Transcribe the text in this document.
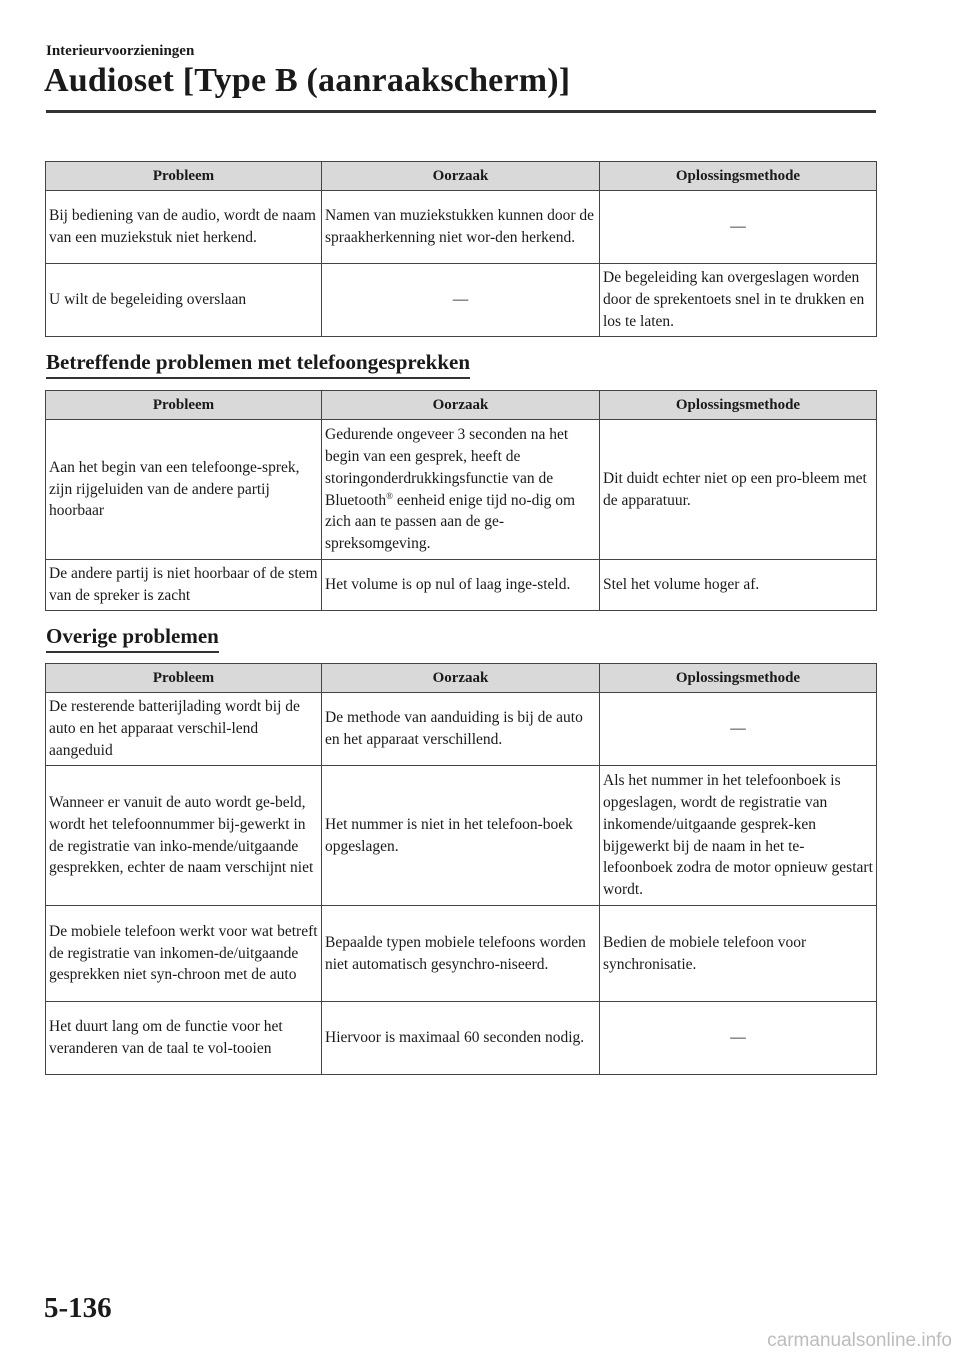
Interieurvoorzieningen
Audioset [Type B (aanraakscherm)]
Probleem	Oorzaak	Oplossingsmethode
Bij bediening van de audio, wordt de naam van een muziekstuk niet herkend.	Namen van muziekstukken kunnen door de spraakherkenning niet wor-den herkend.	—
U wilt de begeleiding overslaan	—	De begeleiding kan overgeslagen worden door de sprekentoets snel in te drukken en los te laten.
Betreffende problemen met telefoongesprekken
Probleem	Oorzaak	Oplossingsmethode
Aan het begin van een telefoonge-sprek, zijn rijgeluiden van de andere partij hoorbaar	Gedurende ongeveer 3 seconden na het begin van een gesprek, heeft de storingonderdrukkingsfunctie van de Bluetooth® eenheid enige tijd no-dig om zich aan te passen aan de ge-spreksomgeving.	Dit duidt echter niet op een pro-bleem met de apparatuur.
De andere partij is niet hoorbaar of de stem van de spreker is zacht	Het volume is op nul of laag inge-steld.	Stel het volume hoger af.
Overige problemen
Probleem	Oorzaak	Oplossingsmethode
De resterende batterijlading wordt bij de auto en het apparaat verschil-lend aangeduid	De methode van aanduiding is bij de auto en het apparaat verschillend.	—
Wanneer er vanuit de auto wordt ge-beld, wordt het telefoonnummer bij-gewerkt in de registratie van inko-mende/uitgaande gesprekken, echter de naam verschijnt niet	Het nummer is niet in het telefoon-boek opgeslagen.	Als het nummer in het telefoonboek is opgeslagen, wordt de registratie van inkomende/uitgaande gesprek-ken bijgewerkt bij de naam in het te-lefoonboek zodra de motor opnieuw gestart wordt.
De mobiele telefoon werkt voor wat betreft de registratie van inkomen-de/uitgaande gesprekken niet syn-chroon met de auto	Bepaalde typen mobiele telefoons worden niet automatisch gesynchro-niseerd.	Bedien de mobiele telefoon voor synchronisatie.
Het duurt lang om de functie voor het veranderen van de taal te vol-tooien	Hiervoor is maximaal 60 seconden nodig.	—
5-136
carmanualsonline.info
